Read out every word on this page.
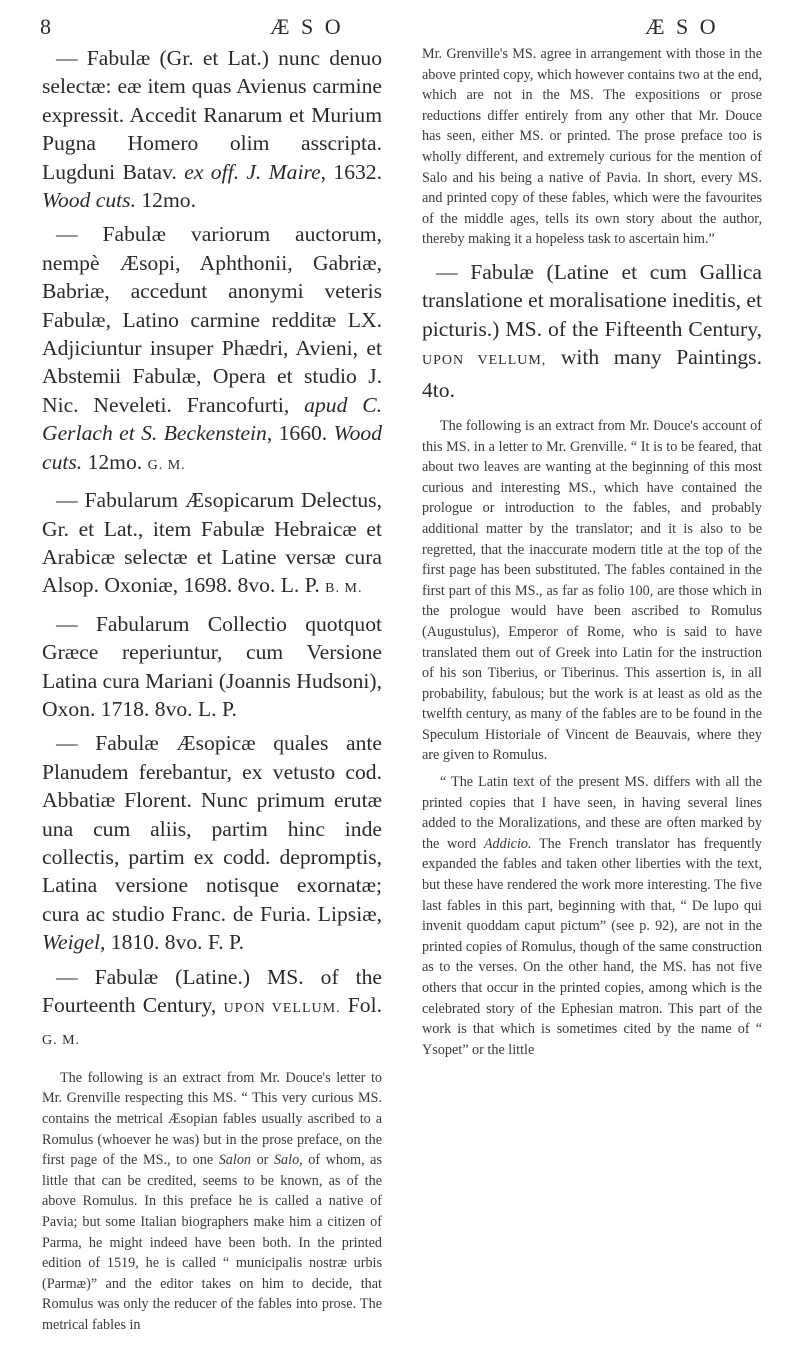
8	Æ S O	Æ S O

— Fabulæ (Gr. et Lat.) nunc denuo selectæ: eæ item quas Avienus carmine expressit. Accedit Ranarum et Murium Pugna Homero olim asscripta. Lugduni Batav. ex off. J. Maire, 1632. Wood cuts. 12mo.

— Fabulæ variorum auctorum, nempè Æsopi, Aphthonii, Gabriæ, Babriæ, accedunt anonymi veteris Fabulæ, Latino carmine redditæ LX. Adjiciuntur insuper Phædri, Avieni, et Abstemii Fabulæ, Opera et studio J. Nic. Neveleti. Francofurti, apud C. Gerlach et S. Beckenstein, 1660. Wood cuts. 12mo. G. M.

— Fabularum Æsopicarum Delectus, Gr. et Lat., item Fabulæ Hebraicæ et Arabicæ selectæ et Latine versæ cura Alsop. Oxoniæ, 1698. 8vo. L. P. B. M.

— Fabularum Collectio quotquot Græce reperiuntur, cum Versione Latina cura Mariani (Joannis Hudsoni), Oxon. 1718. 8vo. L. P.

— Fabulæ Æsopicæ quales ante Planudem ferebantur, ex vetusto cod. Abbatiæ Florent. Nunc primum erutæ una cum aliis, partim hinc inde collectis, partim ex codd. depromptis, Latina versione notisque exornatæ; cura ac studio Franc. de Furia. Lipsiæ, Weigel, 1810. 8vo. F. P.

— Fabulæ (Latine.) MS. of the Fourteenth Century, UPON VELLUM. Fol. G. M.

The following is an extract from Mr. Douce's letter to Mr. Grenville respecting this MS. “ This very curious MS. contains the metrical Æsopian fables usually ascribed to a Romulus (whoever he was) but in the prose preface, on the first page of the MS., to one Salon or Salo, of whom, as little that can be credited, seems to be known, as of the above Romulus. In this preface he is called a native of Pavia; but some Italian biographers make him a citizen of Parma, he might indeed have been both. In the printed edition of 1519, he is called “ municipalis nostræ urbis (Parmæ)” and the editor takes on him to decide, that Romulus was only the reducer of the fables into prose. The metrical fables in

Mr. Grenville's MS. agree in arrangement with those in the above printed copy, which however contains two at the end, which are not in the MS. The expositions or prose reductions differ entirely from any other that Mr. Douce has seen, either MS. or printed. The prose preface too is wholly different, and extremely curious for the mention of Salo and his being a native of Pavia. In short, every MS. and printed copy of these fables, which were the favourites of the middle ages, tells its own story about the author, thereby making it a hopeless task to ascertain him.”

— Fabulæ (Latine et cum Gallica translatione et moralisatione ineditis, et picturis.) MS. of the Fifteenth Century, UPON VELLUM, with many Paintings. 4to.

The following is an extract from Mr. Douce's account of this MS. in a letter to Mr. Grenville. “ It is to be feared, that about two leaves are wanting at the beginning of this most curious and interesting MS., which have contained the prologue or introduction to the fables, and probably additional matter by the translator; and it is also to be regretted, that the inaccurate modern title at the top of the first page has been substituted. The fables contained in the first part of this MS., as far as folio 100, are those which in the prologue would have been ascribed to Romulus (Augustulus), Emperor of Rome, who is said to have translated them out of Greek into Latin for the instruction of his son Tiberius, or Tiberinus. This assertion is, in all probability, fabulous; but the work is at least as old as the twelfth century, as many of the fables are to be found in the Speculum Historiale of Vincent de Beauvais, where they are given to Romulus.

“ The Latin text of the present MS. differs with all the printed copies that I have seen, in having several lines added to the Moralizations, and these are often marked by the word Addicio. The French translator has frequently expanded the fables and taken other liberties with the text, but these have rendered the work more interesting. The five last fables in this part, beginning with that, “ De lupo qui invenit quoddam caput pictum” (see p. 92), are not in the printed copies of Romulus, though of the same construction as to the verses. On the other hand, the MS. has not five others that occur in the printed copies, among which is the celebrated story of the Ephesian matron. This part of the work is that which is sometimes cited by the name of “ Ysopet” or the little
